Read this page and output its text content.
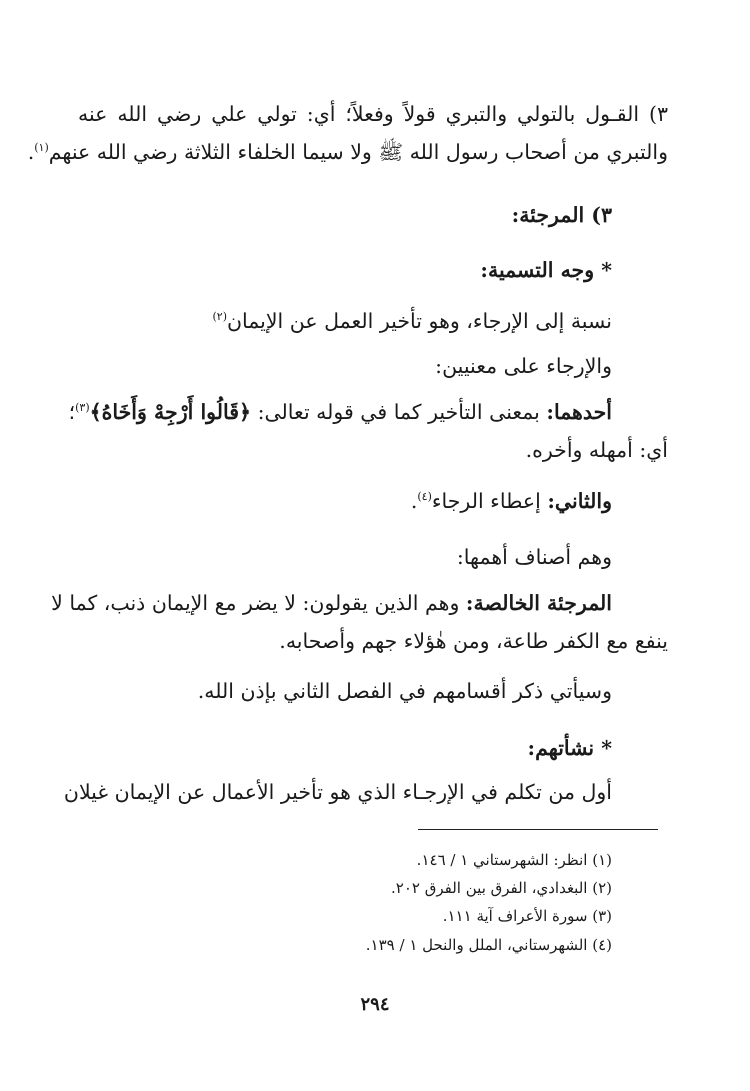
٣) القـول بالتولي والتبري قولاً وفعلاً؛ أي: تولي علي رضي الله عنه
والتبري من أصحاب رسول الله ﷺ ولا سيما الخلفاء الثلاثة رضي الله عنهم$^{(١)}$.
٣) المرجئة:
* وجه التسمية:
نسبة إلى الإرجاء، وهو تأخير العمل عن الإيمان$^{(٢)}$
والإرجاء على معنيين:
أحدهما: بمعنى التأخير كما في قوله تعالى: ﴿قَالُوا أَرْجِهْ وَأَخَاهُ﴾$^{(٣)}$؛
أي: أمهله وأخره.
والثاني: إعطاء الرجاء$^{(٤)}$.
وهم أصناف أهمها:
المرجئة الخالصة: وهم الذين يقولون: لا يضر مع الإيمان ذنب، كما لا
ينفع مع الكفر طاعة، ومن هٰؤلاء جهم وأصحابه.
وسيأتي ذكر أقسامهم في الفصل الثاني بإذن الله.
* نشأتهم:
أول من تكلم في الإرجـاء الذي هو تأخير الأعمال عن الإيمان غيلان
(١) انظر: الشهرستاني ١ / ١٤٦.
(٢) البغدادي، الفرق بين الفرق ٢٠٢.
(٣) سورة الأعراف آية ١١١.
(٤) الشهرستاني، الملل والنحل ١ / ١٣٩.
٢٩٤
